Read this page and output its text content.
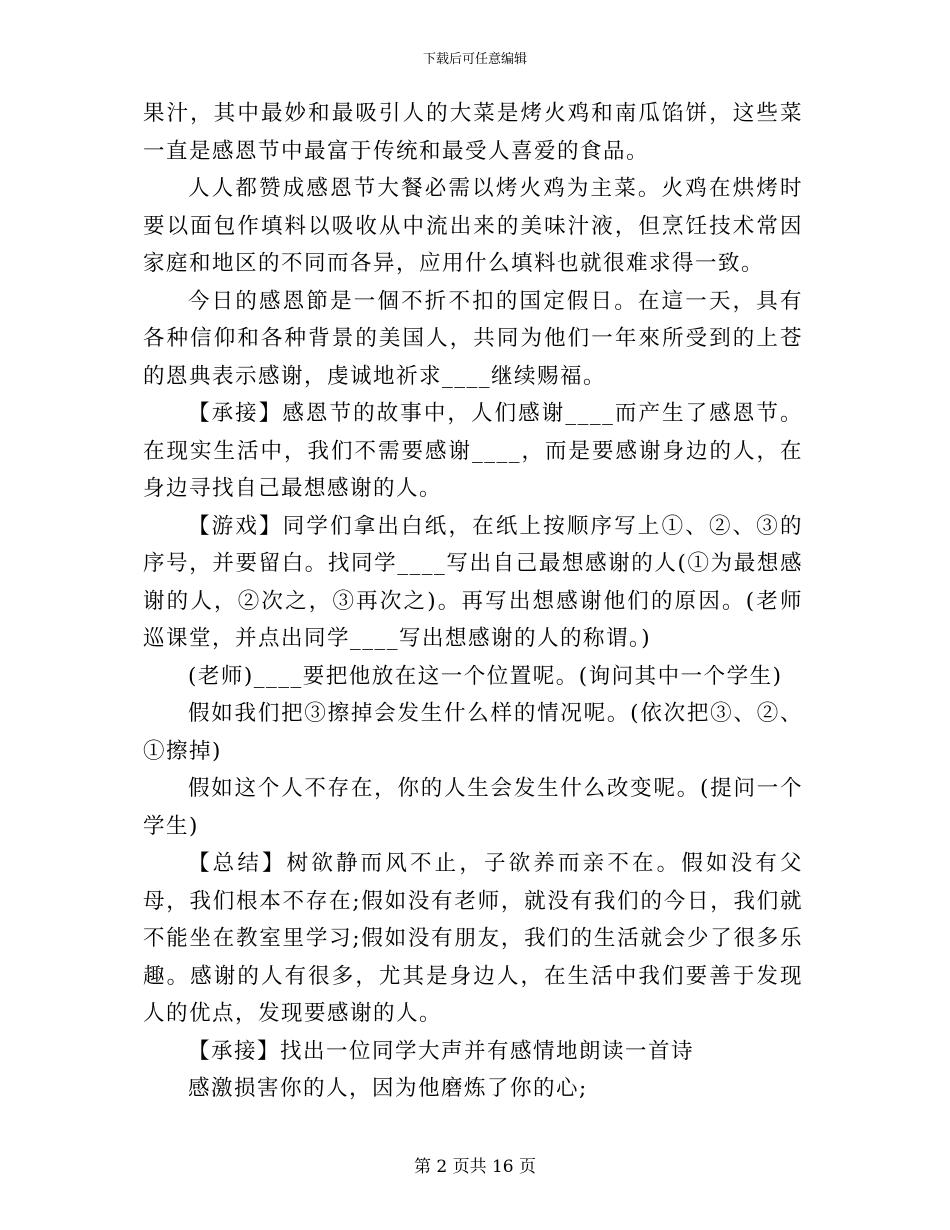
下载后可任意编辑

果汁，其中最妙和最吸引人的大菜是烤火鸡和南瓜馅饼，这些菜一直是感恩节中最富于传统和最受人喜爱的食品。

人人都赞成感恩节大餐必需以烤火鸡为主菜。火鸡在烘烤时要以面包作填料以吸收从中流出来的美味汁液，但烹饪技术常因家庭和地区的不同而各异，应用什么填料也就很难求得一致。

今日的感恩節是一個不折不扣的国定假日。在這一天，具有各种信仰和各种背景的美国人，共同为他们一年來所受到的上苍的恩典表示感谢，虔诚地祈求____继续赐福。

【承接】感恩节的故事中，人们感谢____而产生了感恩节。在现实生活中，我们不需要感谢____，而是要感谢身边的人，在身边寻找自己最想感谢的人。

【游戏】同学们拿出白纸，在纸上按顺序写上①、②、③的序号，并要留白。找同学____写出自己最想感谢的人(①为最想感谢的人，②次之，③再次之)。再写出想感谢他们的原因。(老师巡课堂，并点出同学____写出想感谢的人的称谓。)

(老师)____要把他放在这一个位置呢。(询问其中一个学生)

假如我们把③擦掉会发生什么样的情况呢。(依次把③、②、①擦掉)

假如这个人不存在，你的人生会发生什么改变呢。(提问一个学生)

【总结】树欲静而风不止，子欲养而亲不在。假如没有父母，我们根本不存在;假如没有老师，就没有我们的今日，我们就不能坐在教室里学习;假如没有朋友，我们的生活就会少了很多乐趣。感谢的人有很多，尤其是身边人，在生活中我们要善于发现人的优点，发现要感谢的人。

【承接】找出一位同学大声并有感情地朗读一首诗

感激损害你的人，因为他磨炼了你的心;

第 2 页共 16 页
